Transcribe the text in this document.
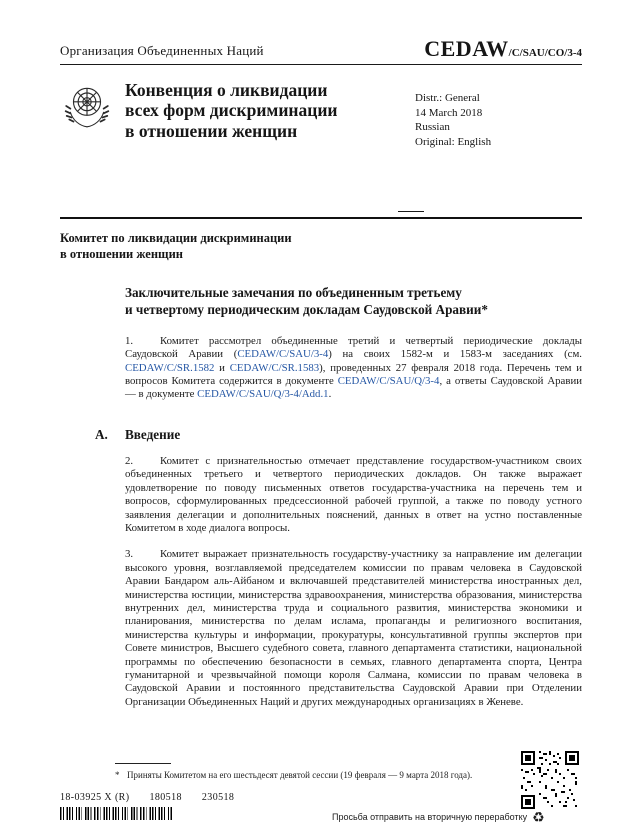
Организация Объединенных Наций	CEDAW/C/SAU/CO/3-4
Конвенция о ликвидации
всех форм дискриминации
в отношении женщин
Distr.: General
14 March 2018
Russian
Original: English
Комитет по ликвидации дискриминации
в отношении женщин
Заключительные замечания по объединенным третьему
и четвертому периодическим докладам Саудовской Аравии*

1. Комитет рассмотрел объединенные третий и четвертый периодические доклады Саудовской Аравии (CEDAW/C/SAU/3-4) на своих 1582-м и 1583-м заседаниях (см. CEDAW/C/SR.1582 и CEDAW/C/SR.1583), проведенных 27 февраля 2018 года. Перечень тем и вопросов Комитета содержится в документе CEDAW/C/SAU/Q/3-4, а ответы Саудовской Аравии — в документе CEDAW/C/SAU/Q/3-4/Add.1.

A. Введение

2. Комитет с признательностью отмечает представление государством-участником своих объединенных третьего и четвертого периодических докладов. Он также выражает удовлетворение по поводу письменных ответов государства-участника на перечень тем и вопросов, сформулированных предсессионной рабочей группой, а также по поводу устного заявления делегации и дополнительных пояснений, данных в ответ на устно поставленные Комитетом в ходе диалога вопросы.

3. Комитет выражает признательность государству-участнику за направление им делегации высокого уровня, возглавляемой председателем комиссии по правам человека в Саудовской Аравии Бандаром аль-Айбаном и включавшей представителей министерства иностранных дел, министерства юстиции, министерства здравоохранения, министерства образования, министерства внутренних дел, министерства труда и социального развития, министерства экономики и планирования, министерства по делам ислама, пропаганды и религиозного воспитания, министерства культуры и информации, прокуратуры, консультативной группы экспертов при Совете министров, Высшего судебного совета, главного департамента статистики, национальной программы по обеспечению безопасности в семьях, главного департамента спорта, Центра гуманитарной и чрезвычайной помощи короля Салмана, комиссии по правам человека в Саудовской Аравии и постоянного представительства Саудовской Аравии при Отделении Организации Объединенных Наций и других международных организациях в Женеве.

* Приняты Комитетом на его шестьдесят девятой сессии (19 февраля — 9 марта 2018 года).
18-03925 X (R) 180518 230518
Просьба отправить на вторичную переработку ♻
